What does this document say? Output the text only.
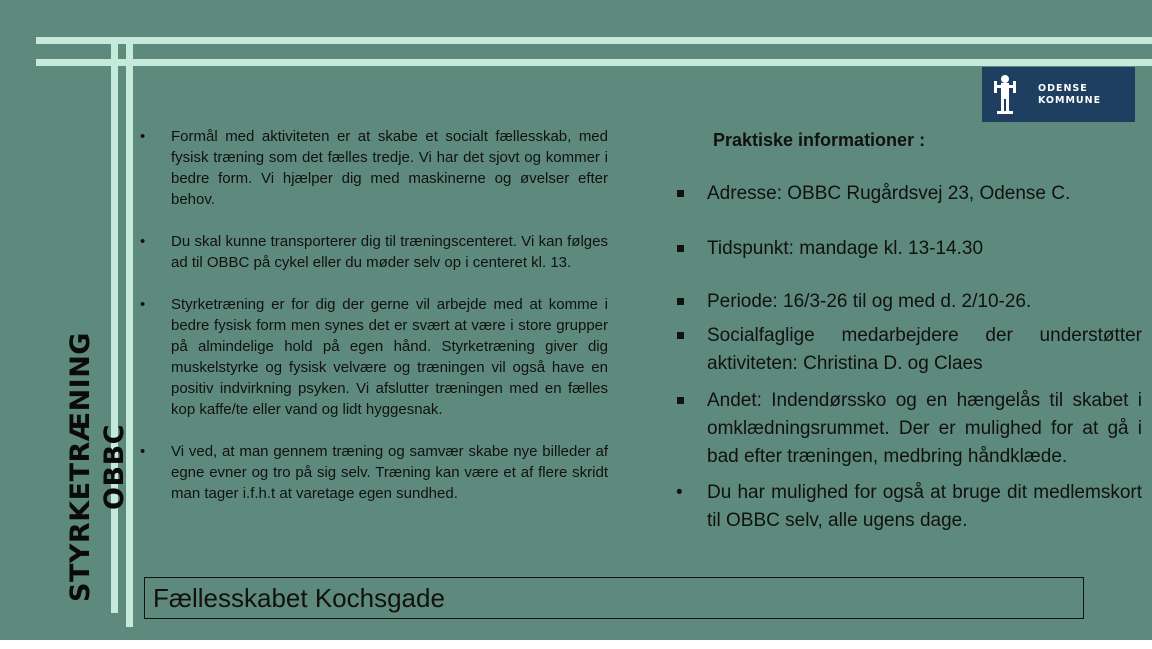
STYRKETRÆNING OBBC
ODENSE
KOMMUNE
• Formål med aktiviteten er at skabe et socialt fællesskab, med fysisk træning som det fælles tredje. Vi har det sjovt og kommer i bedre form. Vi hjælper dig med maskinerne og øvelser efter behov.
• Du skal kunne transporterer dig til træningscenteret. Vi kan følges ad til OBBC på cykel eller du møder selv op i centeret kl. 13.
• Styrketræning er for dig der gerne vil arbejde med at komme i bedre fysisk form men synes det er svært at være i store grupper på almindelige hold på egen hånd. Styrketræning giver dig muskelstyrke og fysisk velvære og træningen vil også have en positiv indvirkning psyken. Vi afslutter træningen med en fælles kop kaffe/te eller vand og lidt hyggesnak.
• Vi ved, at man gennem træning og samvær skabe nye billeder af egne evner og tro på sig selv. Træning kan være et af flere skridt man tager i.f.h.t at varetage egen sundhed.
Praktiske informationer :
Adresse: OBBC Rugårdsvej 23, Odense C.
Tidspunkt: mandage kl. 13-14.30
Periode: 16/3-26 til og med d. 2/10-26.
Socialfaglige medarbejdere der understøtter aktiviteten: Christina D. og Claes
Andet: Indendørssko og en hængelås til skabet i omklædningsrummet. Der er mulighed for at gå i bad efter træningen, medbring håndklæde.
• Du har mulighed for også at bruge dit medlemskort til OBBC selv, alle ugens dage.
Fællesskabet Kochsgade
